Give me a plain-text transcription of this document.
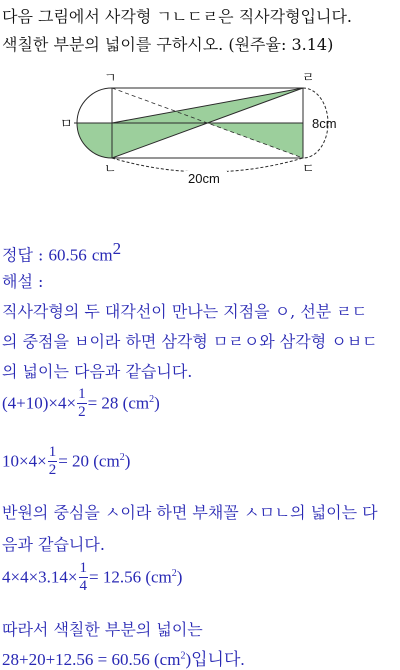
다음 그림에서 사각형 ㄱㄴㄷㄹ은 직사각형입니다.
색칠한 부분의 넓이를 구하시오. (원주율: 3.14)
ㄱ	ㄹ
ㅁ
ㄴ	ㄷ
8cm
20cm
정답 : 60.56 $cm^2$
해설 :
직사각형의 두 대각선이 만나는 지점을 ㅇ, 선분 ㄹㄷ
의 중점을 ㅂ이라 하면 삼각형 ㅁㄹㅇ와 삼각형 ㅇㅂㄷ
의 넓이는 다음과 같습니다.
$(4+10)\times 4\times \frac{1}{2} = 28$ $(cm^2)$
$10\times 4\times \frac{1}{2} = 20$ $(cm^2)$
반원의 중심을 ㅅ이라 하면 부채꼴 ㅅㅁㄴ의 넓이는 다
음과 같습니다.
$4\times 4\times 3.14\times \frac{1}{4} = 12.56$ $(cm^2)$
따라서 색칠한 부분의 넓이는
28+20+12.56 = 60.56 $(cm^2)$입니다.
